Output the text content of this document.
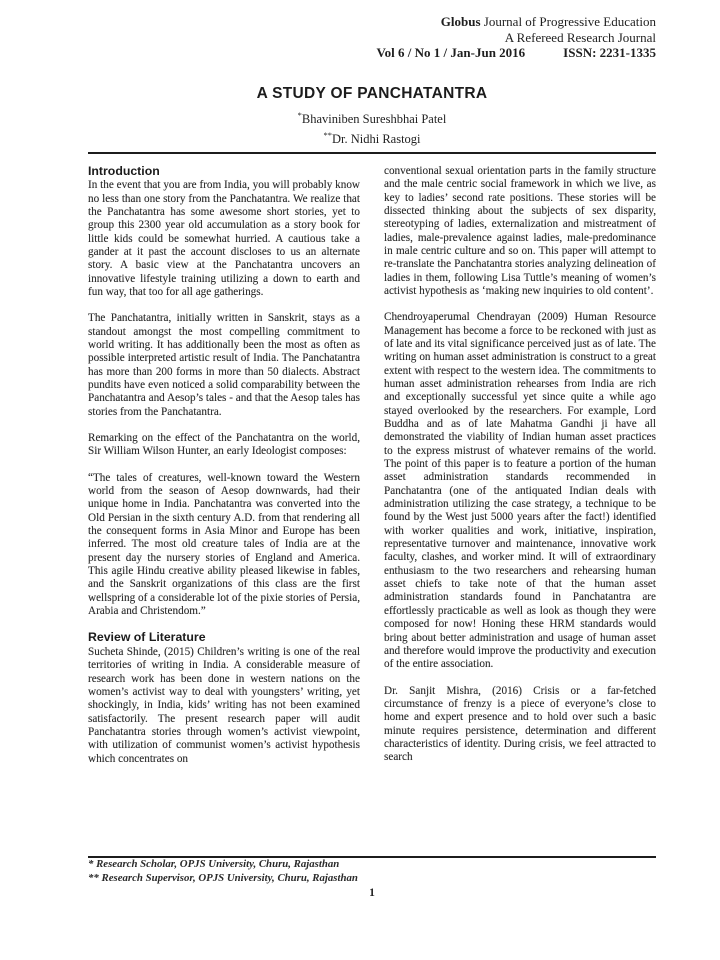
Globus Journal of Progressive Education
A Refereed Research Journal
Vol 6 / No 1 / Jan-Jun 2016	ISSN: 2231-1335
A STUDY OF PANCHATANTRA
*Bhaviniben Sureshbhai Patel
**Dr. Nidhi Rastogi
Introduction

In the event that you are from India, you will probably know no less than one story from the Panchatantra. We realize that the Panchatantra has some awesome short stories, yet to group this 2300 year old accumulation as a story book for little kids could be somewhat hurried. A cautious take a gander at it past the account discloses to us an alternate story. A basic view at the Panchatantra uncovers an innovative lifestyle training utilizing a down to earth and fun way, that too for all age gatherings.

The Panchatantra, initially written in Sanskrit, stays as a standout amongst the most compelling commitment to world writing. It has additionally been the most as often as possible interpreted artistic result of India. The Panchatantra has more than 200 forms in more than 50 dialects. Abstract pundits have even noticed a solid comparability between the Panchatantra and Aesop’s tales - and that the Aesop tales has stories from the Panchatantra.

Remarking on the effect of the Panchatantra on the world, Sir William Wilson Hunter, an early Ideologist composes:

“The tales of creatures, well-known toward the Western world from the season of Aesop downwards, had their unique home in India. Panchatantra was converted into the Old Persian in the sixth century A.D. from that rendering all the consequent forms in Asia Minor and Europe has been inferred. The most old creature tales of India are at the present day the nursery stories of England and America. This agile Hindu creative ability pleased likewise in fables, and the Sanskrit organizations of this class are the first wellspring of a considerable lot of the pixie stories of Persia, Arabia and Christendom.”

Review of Literature

Sucheta Shinde, (2015) Children’s writing is one of the real territories of writing in India. A considerable measure of research work has been done in western nations on the women’s activist way to deal with youngsters’ writing, yet shockingly, in India, kids’ writing has not been examined satisfactorily. The present research paper will audit Panchatantra stories through women’s activist viewpoint, with utilization of communist women’s activist hypothesis which concentrates on

conventional sexual orientation parts in the family structure and the male centric social framework in which we live, as key to ladies’ second rate positions. These stories will be dissected thinking about the subjects of sex disparity, stereotyping of ladies, externalization and mistreatment of ladies, male-prevalence against ladies, male-predominance in male centric culture and so on. This paper will attempt to re-translate the Panchatantra stories analyzing delineation of ladies in them, following Lisa Tuttle’s meaning of women’s activist hypothesis as ‘making new inquiries to old content’.

Chendroyaperumal Chendrayan (2009) Human Resource Management has become a force to be reckoned with just as of late and its vital significance perceived just as of late. The writing on human asset administration is construct to a great extent with respect to the western idea. The commitments to human asset administration rehearses from India are rich and exceptionally successful yet since quite a while ago stayed overlooked by the researchers. For example, Lord Buddha and as of late Mahatma Gandhi ji have all demonstrated the viability of Indian human asset practices to the express mistrust of whatever remains of the world. The point of this paper is to feature a portion of the human asset administration standards recommended in Panchatantra (one of the antiquated Indian deals with administration utilizing the case strategy, a technique to be found by the West just 5000 years after the fact!) identified with worker qualities and work, initiative, inspiration, representative turnover and maintenance, innovative work faculty, clashes, and worker mind. It will of extraordinary enthusiasm to the two researchers and rehearsing human asset chiefs to take note of that the human asset administration standards found in Panchatantra are effortlessly practicable as well as look as though they were composed for now! Honing these HRM standards would bring about better administration and usage of human asset and therefore would improve the productivity and execution of the entire association.

Dr. Sanjit Mishra, (2016) Crisis or a far-fetched circumstance of frenzy is a piece of everyone’s close to home and expert presence and to hold over such a basic minute requires persistence, determination and different characteristics of identity. During crisis, we feel attracted to search

* Research Scholar, OPJS University, Churu, Rajasthan
** Research Supervisor, OPJS University, Churu, Rajasthan
1
